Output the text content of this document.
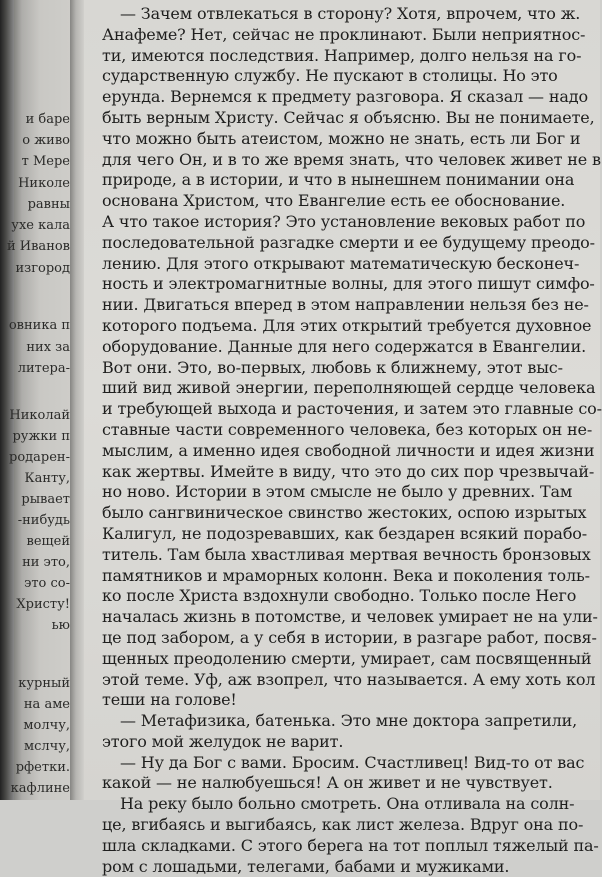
и баре
о живо
т Мере
Николе
равны
ухе кала
й Иванов
изгород
овника п
них за
литера-
Николай
ружки п
родарен-
Канту,
рывает
-нибудь
вещей
ни это,
это со-
Христу!
ью
курный
на аме
молчу,
мслчу,
рфетки.
кафлине
— Зачем отвлекаться в сторону? Хотя, впрочем, что ж.
Анафеме? Нет, сейчас не проклинают. Были неприятнос-
ти, имеются последствия. Например, долго нельзя на го-
сударственную службу. Не пускают в столицы. Но это
ерунда. Вернемся к предмету разговора. Я сказал — надо
быть верным Христу. Сейчас я объясню. Вы не понимаете,
что можно быть атеистом, можно не знать, есть ли Бог и
для чего Он, и в то же время знать, что человек живет не в
природе, а в истории, и что в нынешнем понимании она
основана Христом, что Евангелие есть ее обоснование.
А что такое история? Это установление вековых работ по
последовательной разгадке смерти и ее будущему преодо-
лению. Для этого открывают математическую бесконеч-
ность и электромагнитные волны, для этого пишут симфо-
нии. Двигаться вперед в этом направлении нельзя без не-
которого подъема. Для этих открытий требуется духовное
оборудование. Данные для него содержатся в Евангелии.
Вот они. Это, во-первых, любовь к ближнему, этот выс-
ший вид живой энергии, переполняющей сердце человека
и требующей выхода и расточения, и затем это главные со-
ставные части современного человека, без которых он не-
мыслим, а именно идея свободной личности и идея жизни
как жертвы. Имейте в виду, что это до сих пор чрезвычай-
но ново. Истории в этом смысле не было у древних. Там
было сангвиническое свинство жестоких, оспою изрытых
Калигул, не подозревавших, как бездарен всякий порабо-
титель. Там была хвастливая мертвая вечность бронзовых
памятников и мраморных колонн. Века и поколения толь-
ко после Христа вздохнули свободно. Только после Него
началась жизнь в потомстве, и человек умирает не на ули-
це под забором, а у себя в истории, в разгаре работ, посвя-
щенных преодолению смерти, умирает, сам посвященный
этой теме. Уф, аж взопрел, что называется. А ему хоть кол
теши на голове!
— Метафизика, батенька. Это мне доктора запретили,
этого мой желудок не варит.
— Ну да Бог с вами. Бросим. Счастливец! Вид-то от вас
какой — не налюбуешься! А он живет и не чувствует.
На реку было больно смотреть. Она отливала на солн-
це, вгибаясь и выгибаясь, как лист железа. Вдруг она по-
шла складками. С этого берега на тот поплыл тяжелый па-
ром с лошадьми, телегами, бабами и мужиками.
